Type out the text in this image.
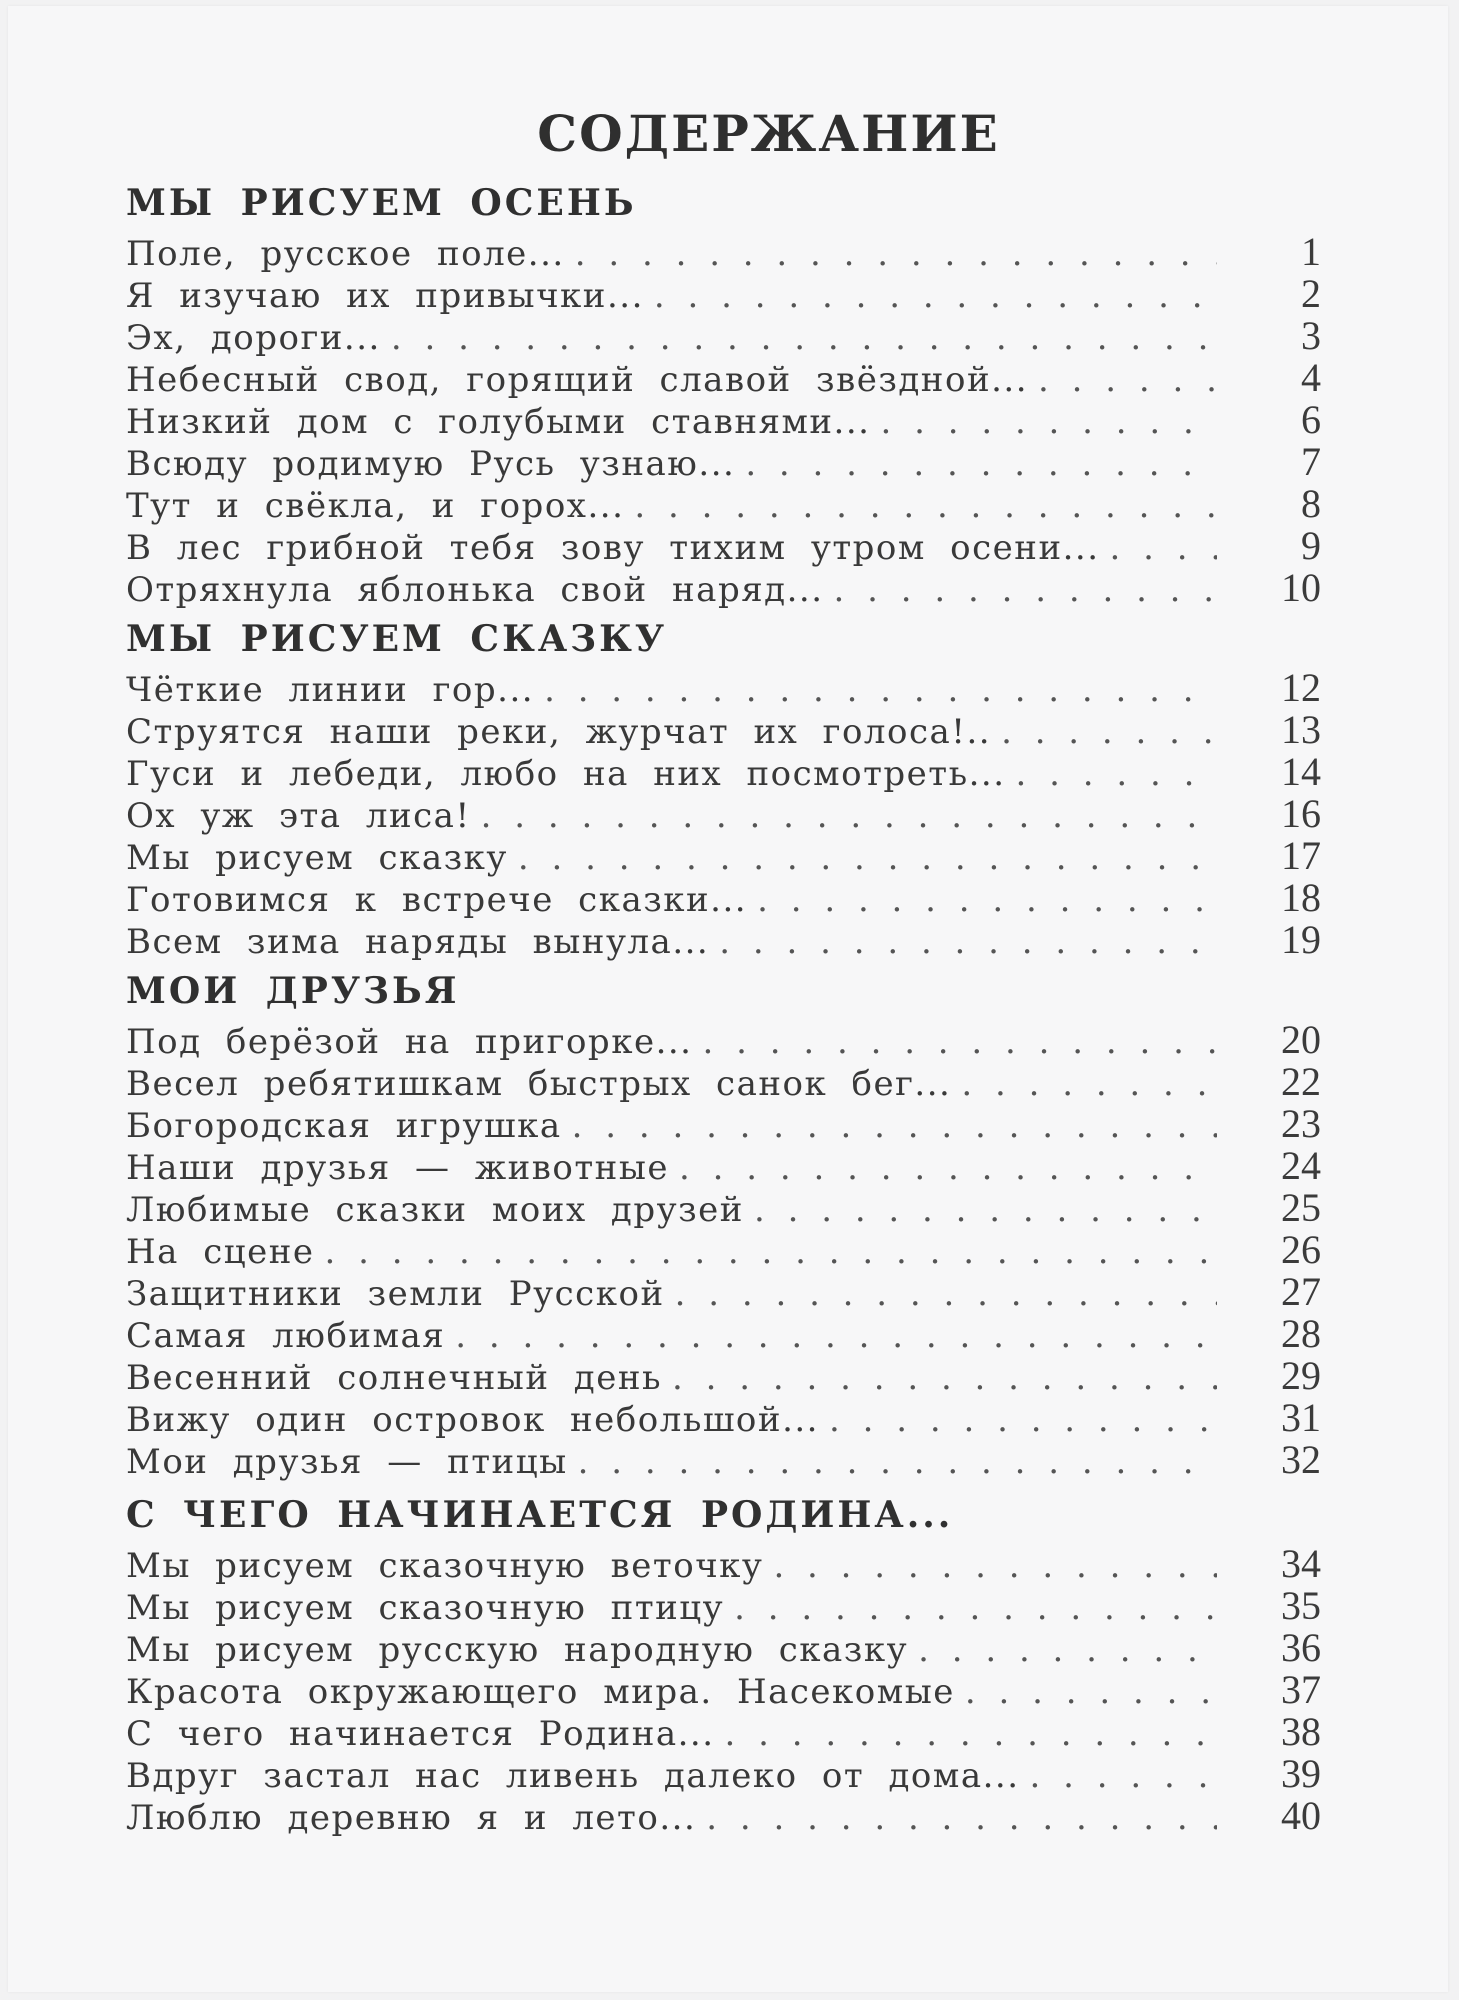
СОДЕРЖАНИЕ
МЫ РИСУЕМ ОСЕНЬ
Поле, русское поле... . . .	1
Я изучаю их привычки... . . .	2
Эх, дороги... . . .	3
Небесный свод, горящий славой звёздной... . . .	4
Низкий дом с голубыми ставнями... . . .	6
Всюду родимую Русь узнаю... . . .	7
Тут и свёкла, и горох... . . .	8
В лес грибной тебя зову тихим утром осени... . . .	9
Отряхнула яблонька свой наряд... . . .	10
МЫ РИСУЕМ СКАЗКУ
Чёткие линии гор... . . .	12
Струятся наши реки, журчат их голоса!.. . . .	13
Гуси и лебеди, любо на них посмотреть... . . .	14
Ох уж эта лиса! . . .	16
Мы рисуем сказку . . .	17
Готовимся к встрече сказки... . . .	18
Всем зима наряды вынула... . . .	19
МОИ ДРУЗЬЯ
Под берёзой на пригорке... . . .	20
Весел ребятишкам быстрых санок бег... . . .	22
Богородская игрушка . . .	23
Наши друзья — животные . . .	24
Любимые сказки моих друзей . . .	25
На сцене . . .	26
Защитники земли Русской . . .	27
Самая любимая . . .	28
Весенний солнечный день . . .	29
Вижу один островок небольшой... . . .	31
Мои друзья — птицы . . .	32
С ЧЕГО НАЧИНАЕТСЯ РОДИНА...
Мы рисуем сказочную веточку . . .	34
Мы рисуем сказочную птицу . . .	35
Мы рисуем русскую народную сказку . . .	36
Красота окружающего мира. Насекомые . . .	37
С чего начинается Родина... . . .	38
Вдруг застал нас ливень далеко от дома... . . .	39
Люблю деревню я и лето... . . .	40
